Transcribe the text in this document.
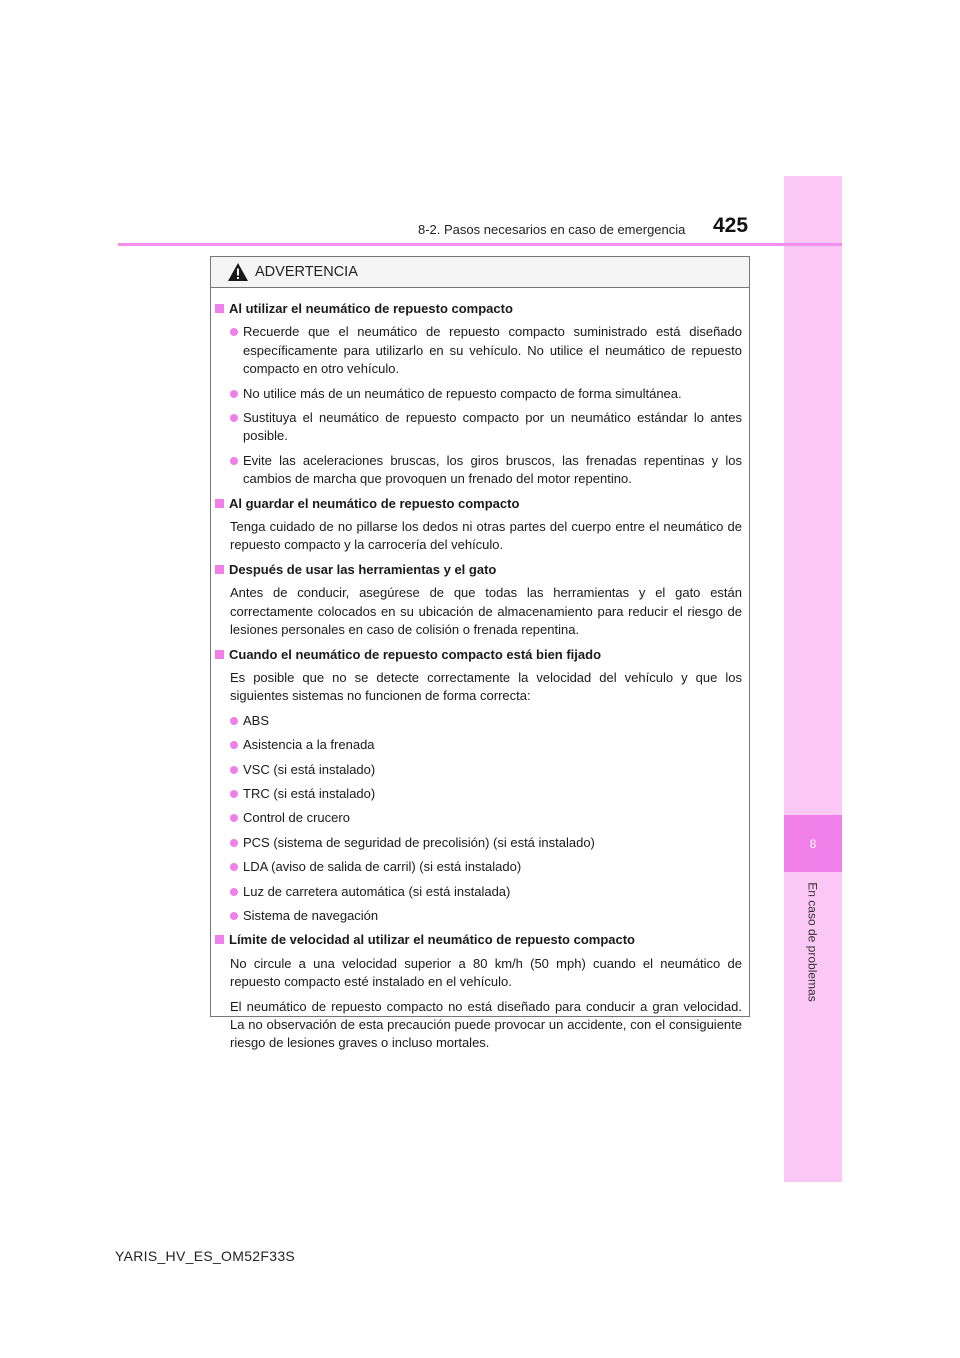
8
En caso de problemas
8-2. Pasos necesarios en caso de emergencia 425
ADVERTENCIA
Al utilizar el neumático de repuesto compacto
Recuerde que el neumático de repuesto compacto suministrado está diseñado específicamente para utilizarlo en su vehículo. No utilice el neumático de repuesto compacto en otro vehículo.
No utilice más de un neumático de repuesto compacto de forma simultánea.
Sustituya el neumático de repuesto compacto por un neumático estándar lo antes posible.
Evite las aceleraciones bruscas, los giros bruscos, las frenadas repentinas y los cambios de marcha que provoquen un frenado del motor repentino.
Al guardar el neumático de repuesto compacto
Tenga cuidado de no pillarse los dedos ni otras partes del cuerpo entre el neumático de repuesto compacto y la carrocería del vehículo.
Después de usar las herramientas y el gato
Antes de conducir, asegúrese de que todas las herramientas y el gato están correctamente colocados en su ubicación de almacenamiento para reducir el riesgo de lesiones personales en caso de colisión o frenada repentina.
Cuando el neumático de repuesto compacto está bien fijado
Es posible que no se detecte correctamente la velocidad del vehículo y que los siguientes sistemas no funcionen de forma correcta:
ABS
Asistencia a la frenada
VSC (si está instalado)
TRC (si está instalado)
Control de crucero
PCS (sistema de seguridad de precolisión) (si está instalado)
LDA (aviso de salida de carril) (si está instalado)
Luz de carretera automática (si está instalada)
Sistema de navegación
Límite de velocidad al utilizar el neumático de repuesto compacto
No circule a una velocidad superior a 80 km/h (50 mph) cuando el neumático de repuesto compacto esté instalado en el vehículo.
El neumático de repuesto compacto no está diseñado para conducir a gran velocidad. La no observación de esta precaución puede provocar un accidente, con el consiguiente riesgo de lesiones graves o incluso mortales.
YARIS_HV_ES_OM52F33S
